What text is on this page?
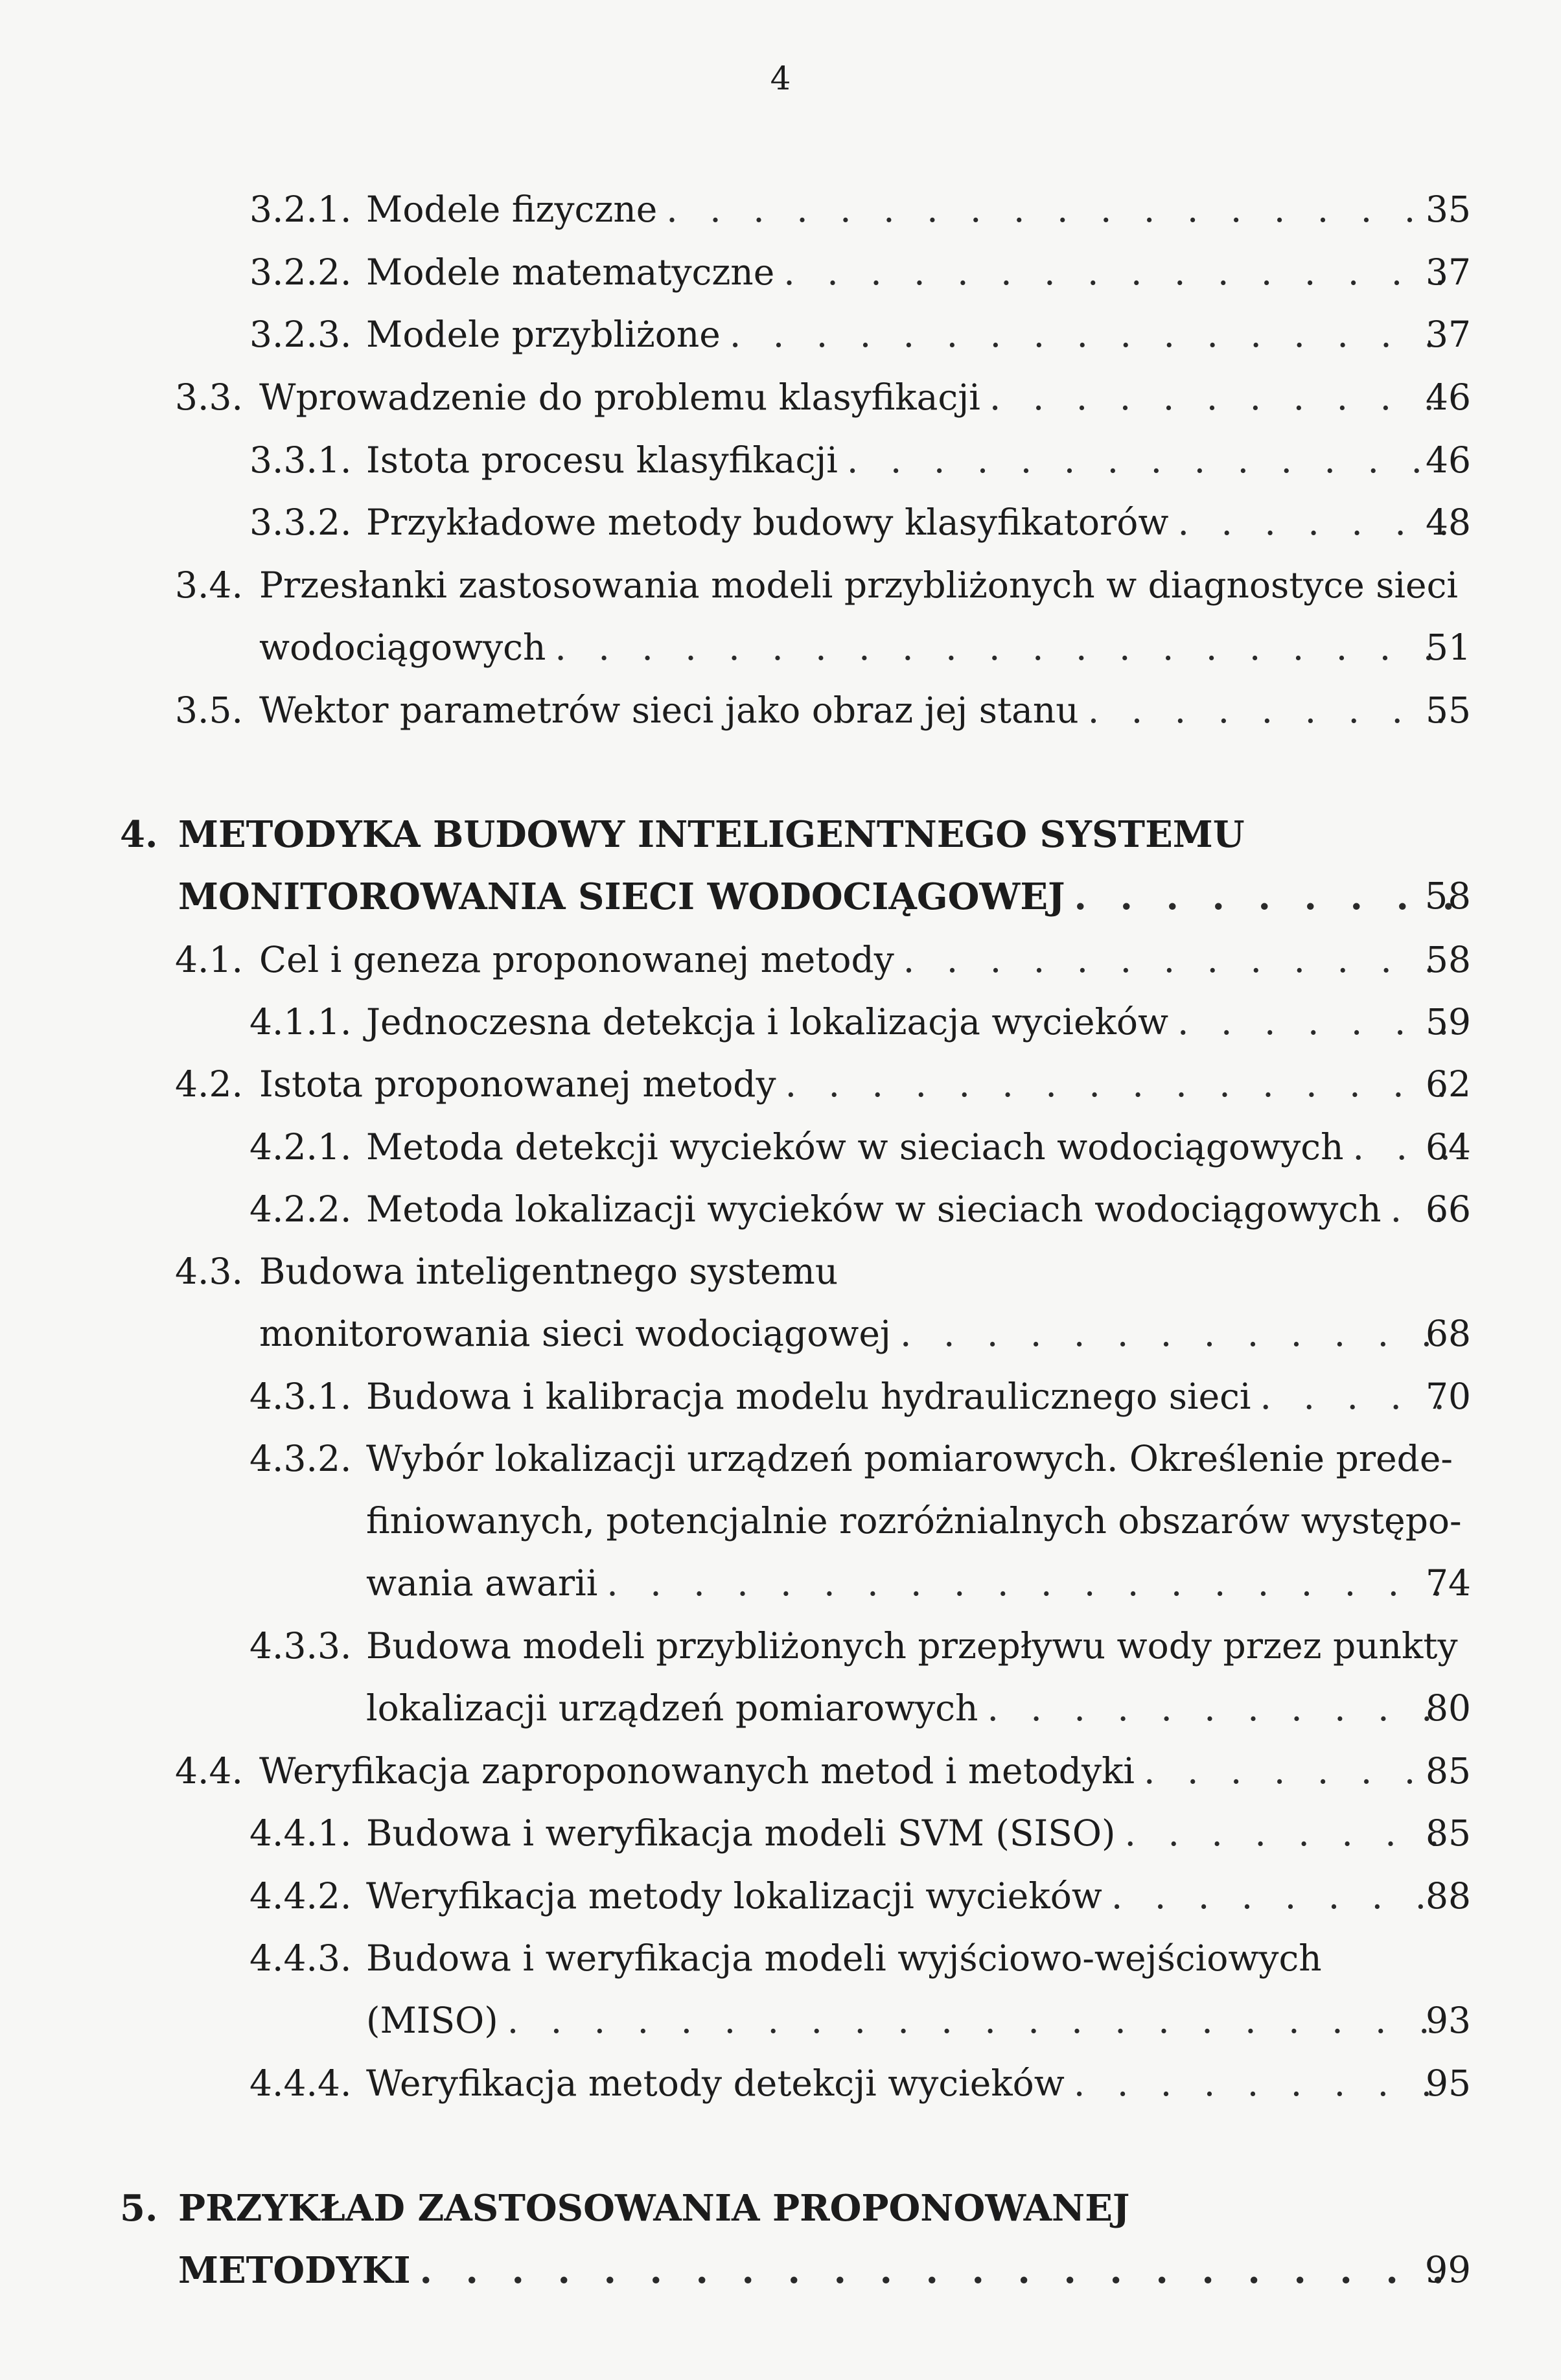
4
3.2.1. Modele fizyczne . . .	35
3.2.2. Modele matematyczne . . .	37
3.2.3. Modele przybliżone . . .	37
3.3. Wprowadzenie do problemu klasyfikacji . . .	46
3.3.1. Istota procesu klasyfikacji . . .	46
3.3.2. Przykładowe metody budowy klasyfikatorów . . .	48
3.4. Przesłanki zastosowania modeli przybliżonych w diagnostyce sieci
wodociągowych . . .	51
3.5. Wektor parametrów sieci jako obraz jej stanu . . .	55
4. METODYKA BUDOWY INTELIGENTNEGO SYSTEMU
MONITOROWANIA SIECI WODOCIĄGOWEJ . . .	58
4.1. Cel i geneza proponowanej metody . . .	58
4.1.1. Jednoczesna detekcja i lokalizacja wycieków . . .	59
4.2. Istota proponowanej metody . . .	62
4.2.1. Metoda detekcji wycieków w sieciach wodociągowych . . .	64
4.2.2. Metoda lokalizacji wycieków w sieciach wodociągowych . . .	66
4.3. Budowa inteligentnego systemu
monitorowania sieci wodociągowej . . .	68
4.3.1. Budowa i kalibracja modelu hydraulicznego sieci . . .	70
4.3.2. Wybór lokalizacji urządzeń pomiarowych. Określenie prede-
finiowanych, potencjalnie rozróżnialnych obszarów występo-
wania awarii . . .	74
4.3.3. Budowa modeli przybliżonych przepływu wody przez punkty
lokalizacji urządzeń pomiarowych . . .	80
4.4. Weryfikacja zaproponowanych metod i metodyki . . .	85
4.4.1. Budowa i weryfikacja modeli SVM (SISO) . . .	85
4.4.2. Weryfikacja metody lokalizacji wycieków . . .	88
4.4.3. Budowa i weryfikacja modeli wyjściowo-wejściowych
(MISO) . . .	93
4.4.4. Weryfikacja metody detekcji wycieków . . .	95
5. PRZYKŁAD ZASTOSOWANIA PROPONOWANEJ
METODYKI . . .	99
